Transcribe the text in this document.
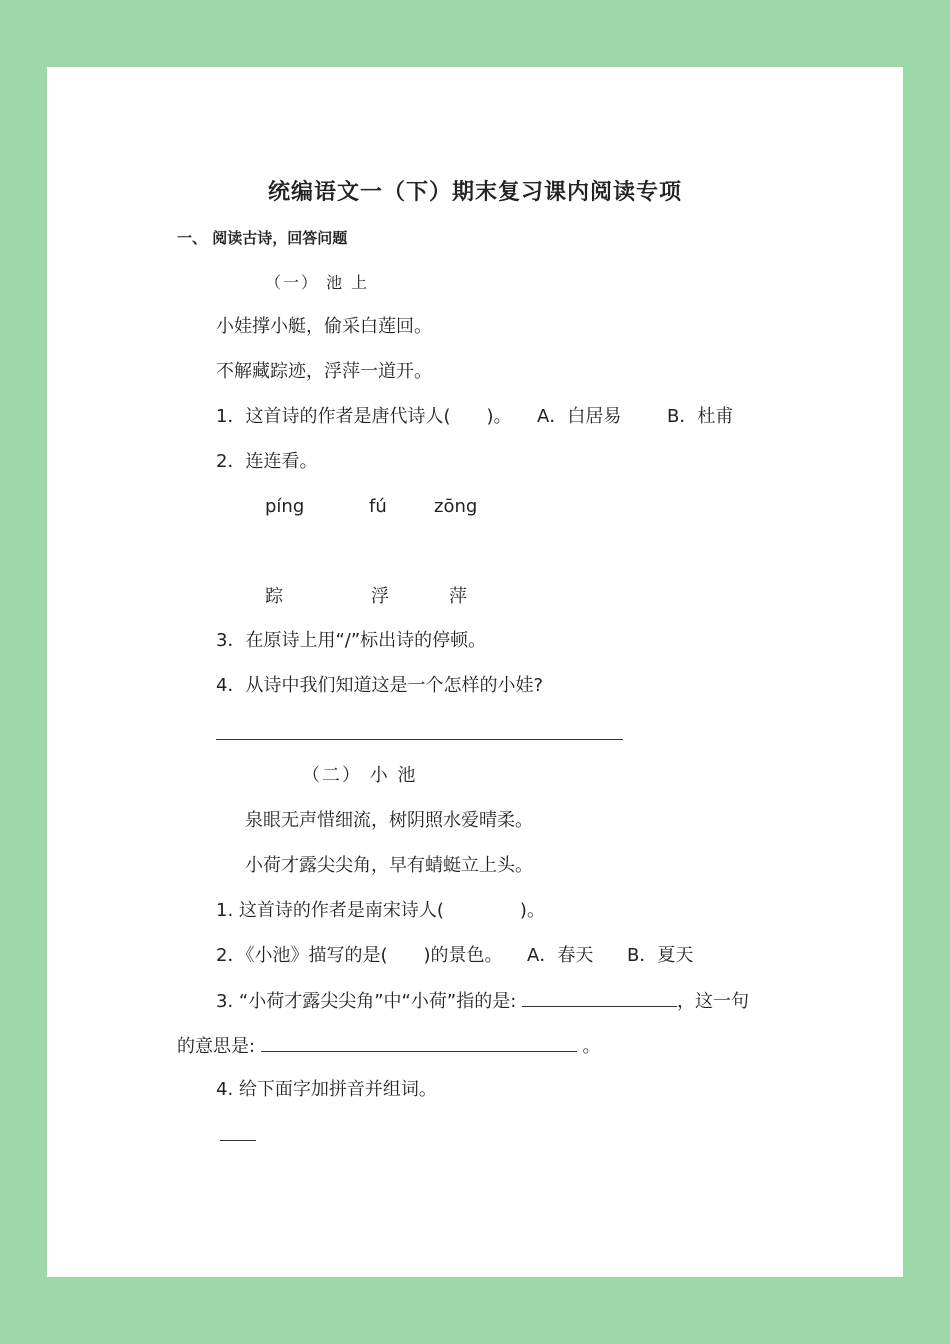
统编语文一（下）期末复习课内阅读专项
一、 阅读古诗，回答问题
（一） 池 上
小娃撑小艇，偷采白莲回。
不解藏踪迹，浮萍一道开。
1．这首诗的作者是唐代诗人(　　)。 A．白居易	B．杜甫
2．连连看。
píng	fú	zōng
踪	浮	萍
3．在原诗上用“/”标出诗的停顿。
4．从诗中我们知道这是一个怎样的小娃?
（二） 小 池
泉眼无声惜细流，树阴照水爱晴柔。
小荷才露尖尖角，早有蜻蜓立上头。
1. 这首诗的作者是南宋诗人(	)。
2．《小池》描写的是(　　)的景色。 A．春天 B．夏天
3. “小荷才露尖尖角”中“小荷”指的是:	，这一句
的意思是:	。
4. 给下面字加拼音并组词。
